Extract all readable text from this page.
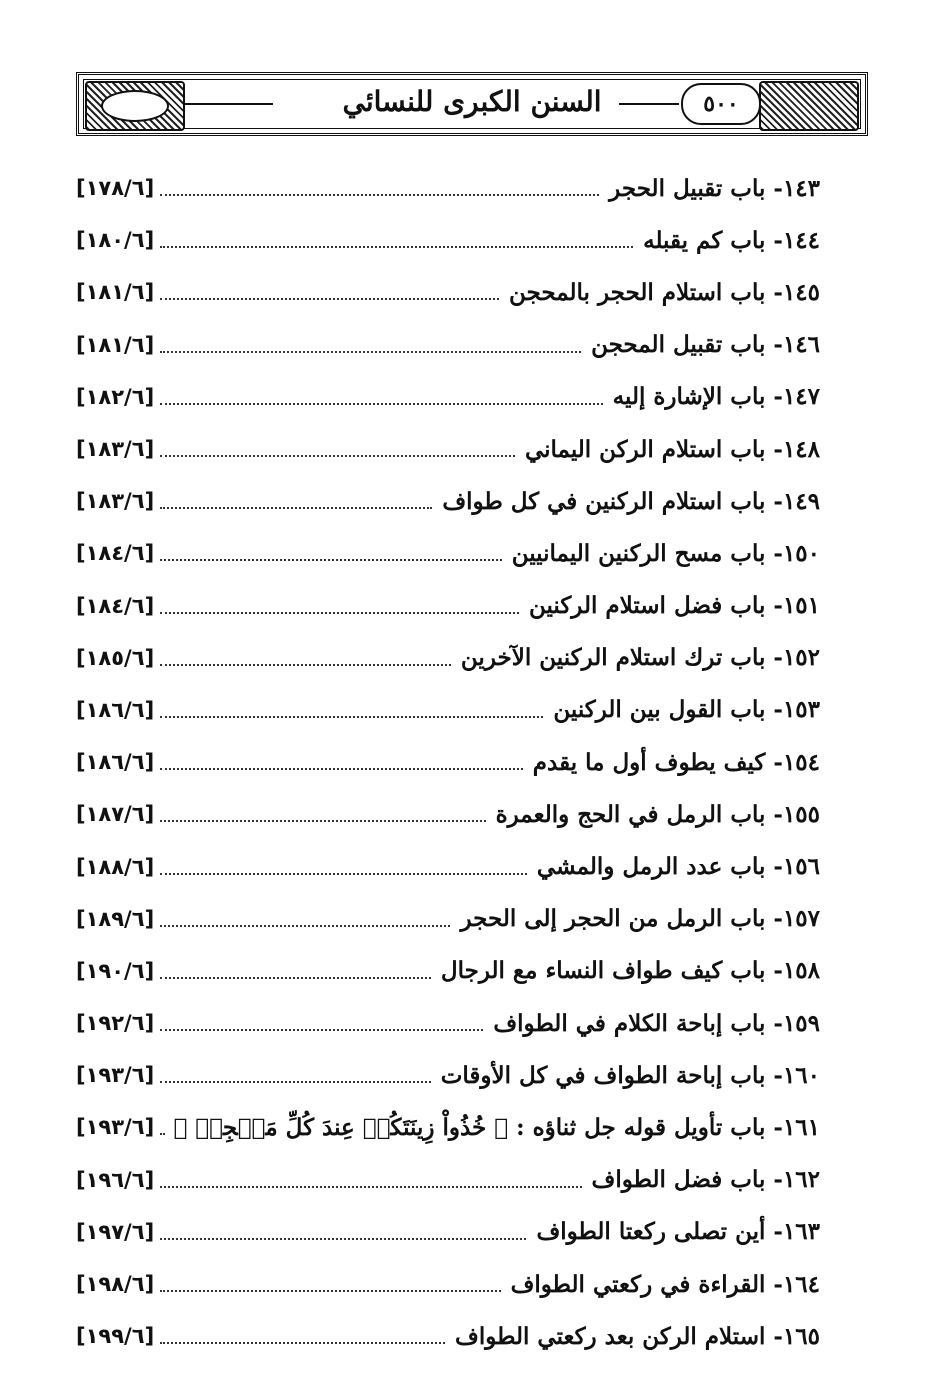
السنن الكبرى للنسائي	٥٠٠
١٤٣- باب تقبيل الحجر
[١٧٨/٦]
١٤٤- باب كم يقبله
[١٨٠/٦]
١٤٥- باب استلام الحجر بالمحجن
[١٨١/٦]
١٤٦- باب تقبيل المحجن
[١٨١/٦]
١٤٧- باب الإشارة إليه
[١٨٢/٦]
١٤٨- باب استلام الركن اليماني
[١٨٣/٦]
١٤٩- باب استلام الركنين في كل طواف
[١٨٣/٦]
١٥٠- باب مسح الركنين اليمانيين
[١٨٤/٦]
١٥١- باب فضل استلام الركنين
[١٨٤/٦]
١٥٢- باب ترك استلام الركنين الآخرين
[١٨٥/٦]
١٥٣- باب القول بين الركنين
[١٨٦/٦]
١٥٤- كيف يطوف أول ما يقدم
[١٨٦/٦]
١٥٥- باب الرمل في الحج والعمرة
[١٨٧/٦]
١٥٦- باب عدد الرمل والمشي
[١٨٨/٦]
١٥٧- باب الرمل من الحجر إلى الحجر
[١٨٩/٦]
١٥٨- باب كيف طواف النساء مع الرجال
[١٩٠/٦]
١٥٩- باب إباحة الكلام في الطواف
[١٩٢/٦]
١٦٠- باب إباحة الطواف في كل الأوقات
[١٩٣/٦]
١٦١- باب تأويل قوله جل ثناؤه : ﴿ خُذُواْ زِينَتَكُمۡ عِندَ كُلِّ مَسۡجِدٖ ﴾
[١٩٣/٦]
١٦٢- باب فضل الطواف
[١٩٦/٦]
١٦٣- أين تصلى ركعتا الطواف
[١٩٧/٦]
١٦٤- القراءة في ركعتي الطواف
[١٩٨/٦]
١٦٥- استلام الركن بعد ركعتي الطواف
[١٩٩/٦]
